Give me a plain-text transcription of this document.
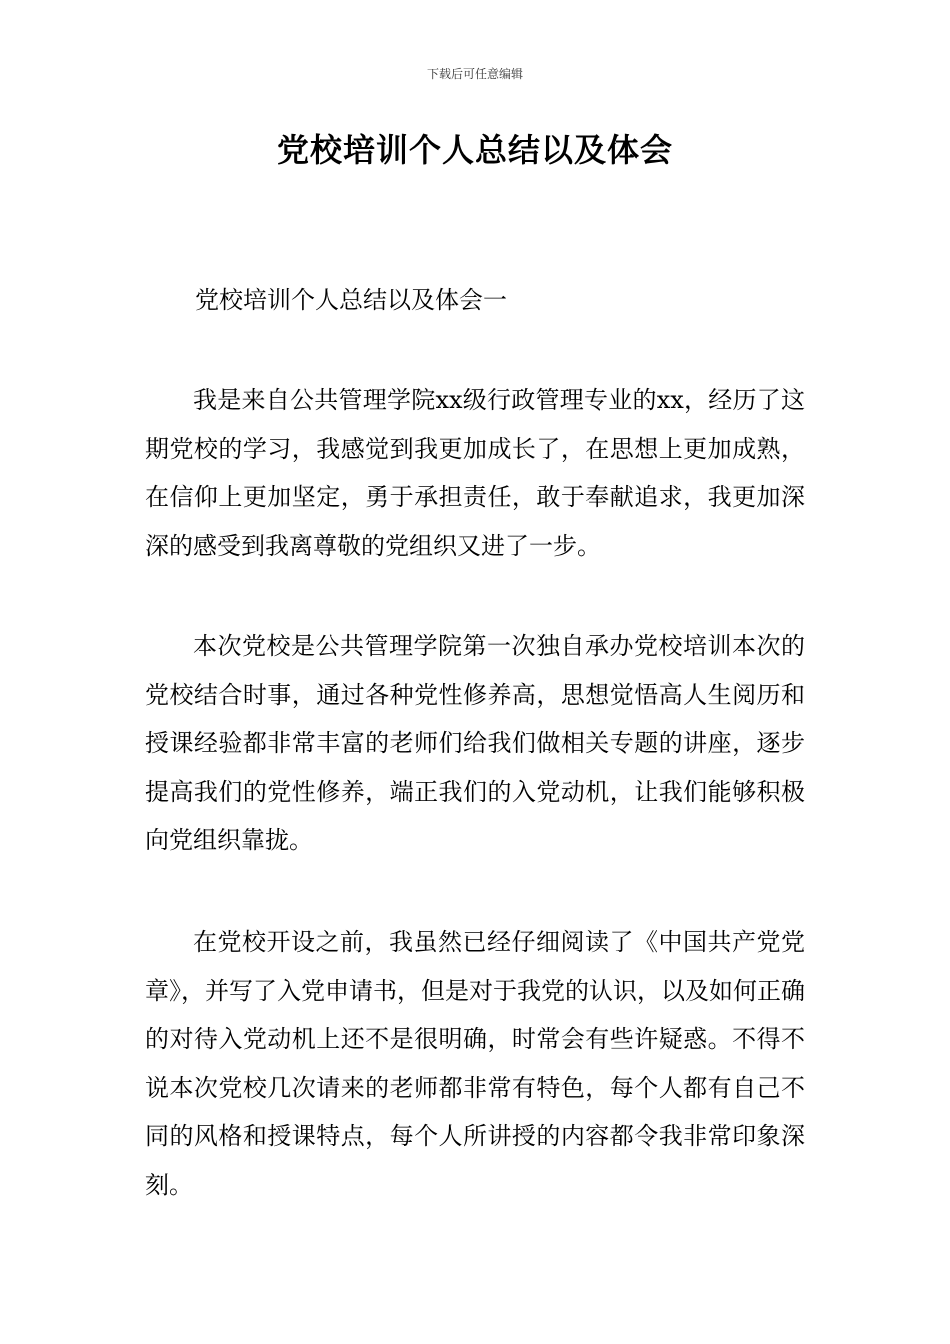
下载后可任意编辑
党校培训个人总结以及体会
党校培训个人总结以及体会一

我是来自公共管理学院xx级行政管理专业的xx，经历了这期党校的学习，我感觉到我更加成长了，在思想上更加成熟，在信仰上更加坚定，勇于承担责任，敢于奉献追求，我更加深深的感受到我离尊敬的党组织又进了一步。

本次党校是公共管理学院第一次独自承办党校培训本次的党校结合时事，通过各种党性修养高，思想觉悟高人生阅历和授课经验都非常丰富的老师们给我们做相关专题的讲座，逐步提高我们的党性修养，端正我们的入党动机，让我们能够积极向党组织靠拢。

在党校开设之前，我虽然已经仔细阅读了《中国共产党党章》，并写了入党申请书，但是对于我党的认识，以及如何正确的对待入党动机上还不是很明确，时常会有些许疑惑。不得不说本次党校几次请来的老师都非常有特色，每个人都有自己不同的风格和授课特点，每个人所讲授的内容都令我非常印象深刻。
